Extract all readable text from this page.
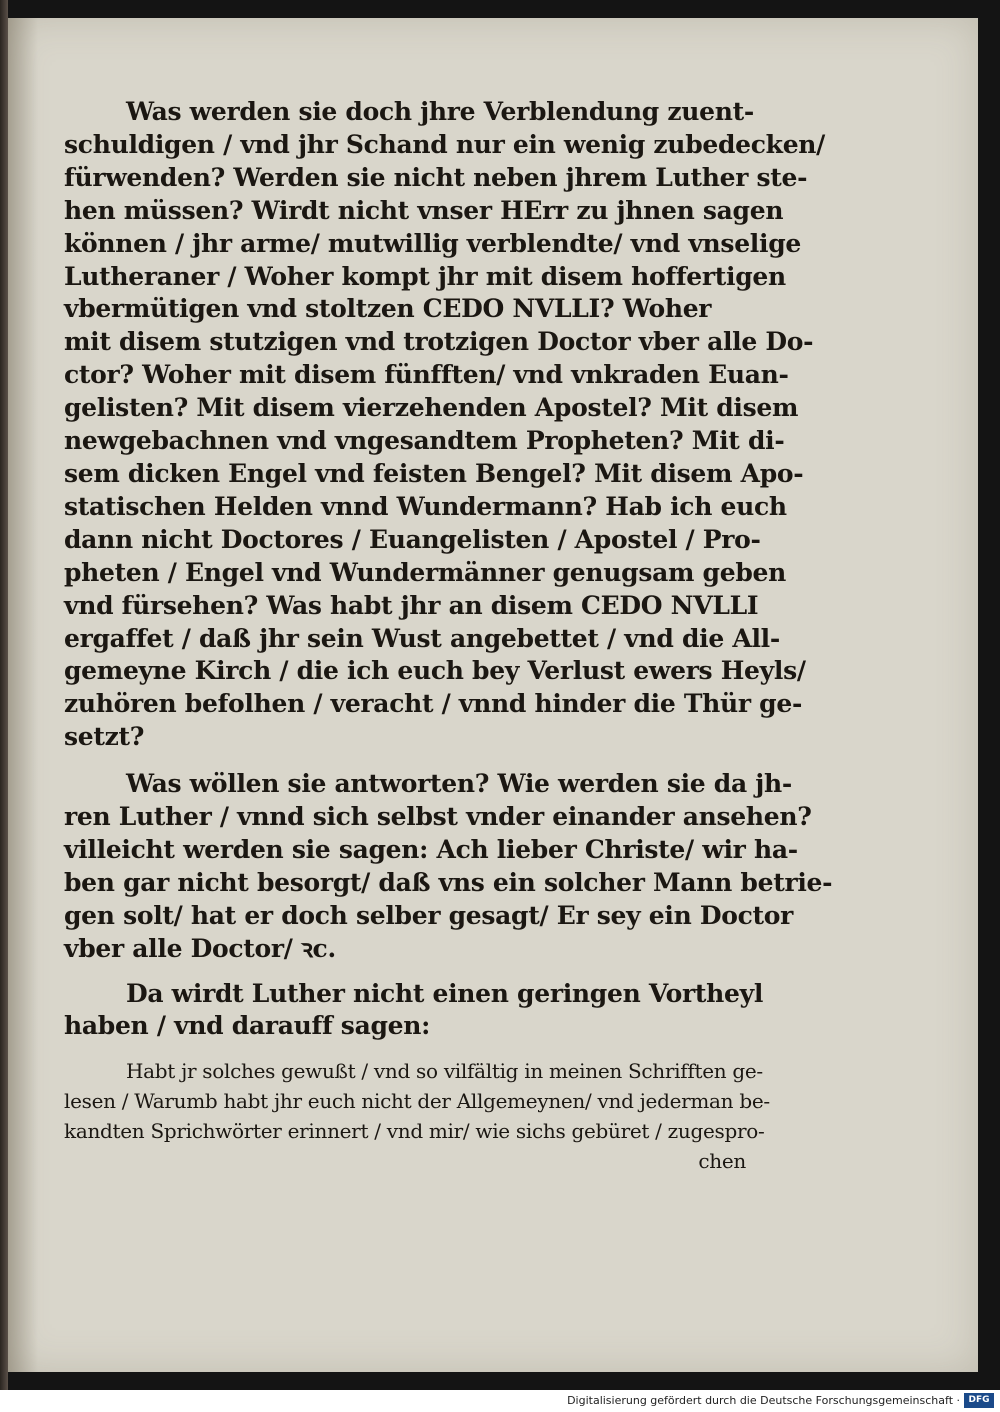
Was werden sie doch jhre Verblendung zuent-
schuldigen / vnd jhr Schand nur ein wenig zubedecken/
fürwenden? Werden sie nicht neben jhrem Luther ste-
hen müssen? Wirdt nicht vnser HErr zu jhnen sagen
können / jhr arme/ mutwillig verblendte/ vnd vnselige
Lutheraner / Woher kompt jhr mit disem hoffertigen
vbermütigen vnd stoltzen CEDO NVLLI? Woher
mit disem stutzigen vnd trotzigen Doctor vber alle Do-
ctor? Woher mit disem fünfften/ vnd vnkraden Euan-
gelisten? Mit disem vierzehenden Apostel? Mit disem
newgebachnen vnd vngesandtem Propheten? Mit di-
sem dicken Engel vnd feisten Bengel? Mit disem Apo-
statischen Helden vnnd Wundermann? Hab ich euch
dann nicht Doctores / Euangelisten / Apostel / Pro-
pheten / Engel vnd Wundermänner genugsam geben
vnd fürsehen? Was habt jhr an disem CEDO NVLLI
ergaffet / daß jhr sein Wust angebettet / vnd die All-
gemeyne Kirch / die ich euch bey Verlust ewers Heyls/
zuhören befolhen / veracht / vnnd hinder die Thür ge-
setzt?

Was wöllen sie antworten? Wie werden sie da jh-
ren Luther / vnnd sich selbst vnder einander ansehen?
villeicht werden sie sagen: Ach lieber Christe/ wir ha-
ben gar nicht besorgt/ daß vns ein solcher Mann betrie-
gen solt/ hat er doch selber gesagt/ Er sey ein Doctor
vber alle Doctor/ ꝛc.

Da wirdt Luther nicht einen geringen Vortheyl
haben / vnd darauff sagen:

Habt jr solches gewußt / vnd so vilfältig in meinen Schrifften ge-
lesen / Warumb habt jhr euch nicht der Allgemeynen/ vnd jederman be-
kandten Sprichwörter erinnert / vnd mir/ wie sichs gebüret / zugespro-
chen

Digitalisierung gefördert durch die Deutsche Forschungsgemeinschaft · DFG
